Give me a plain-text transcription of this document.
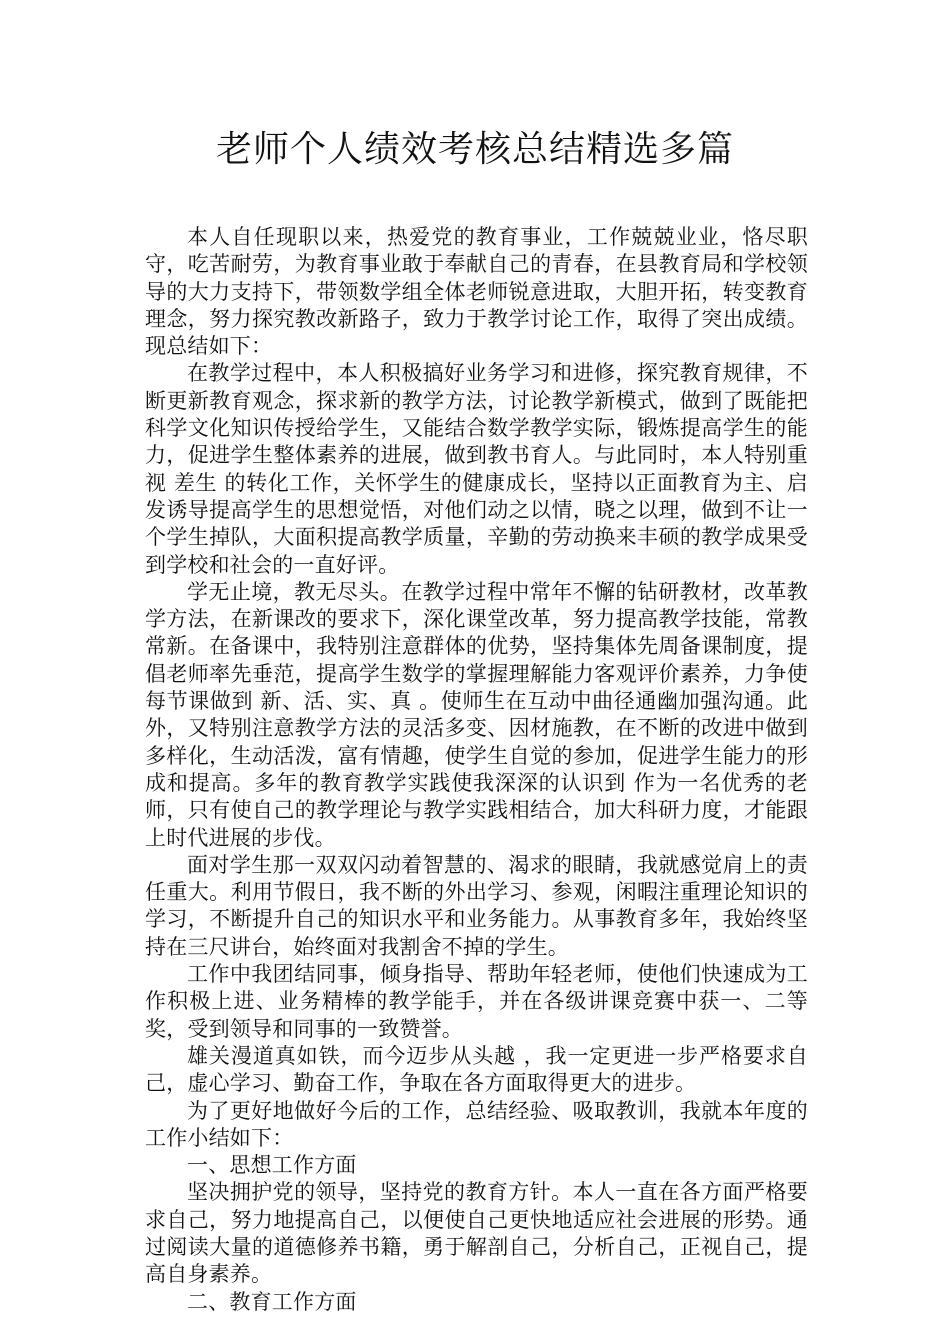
老师个人绩效考核总结精选多篇

本人自任现职以来，热爱党的教育事业，工作兢兢业业，恪尽职守，吃苦耐劳，为教育事业敢于奉献自己的青春，在县教育局和学校领导的大力支持下，带领数学组全体老师锐意进取，大胆开拓，转变教育理念，努力探究教改新路子，致力于教学讨论工作，取得了突出成绩。现总结如下：

在教学过程中，本人积极搞好业务学习和进修，探究教育规律，不断更新教育观念，探求新的教学方法，讨论教学新模式，做到了既能把科学文化知识传授给学生，又能结合数学教学实际，锻炼提高学生的能力，促进学生整体素养的进展，做到教书育人。与此同时，本人特别重视 差生 的转化工作，关怀学生的健康成长，坚持以正面教育为主、启发诱导提高学生的思想觉悟，对他们动之以情，晓之以理，做到不让一个学生掉队，大面积提高教学质量，辛勤的劳动换来丰硕的教学成果受到学校和社会的一直好评。

学无止境，教无尽头。在教学过程中常年不懈的钻研教材，改革教学方法，在新课改的要求下，深化课堂改革，努力提高教学技能，常教常新。在备课中，我特别注意群体的优势，坚持集体先周备课制度，提倡老师率先垂范，提高学生数学的掌握理解能力客观评价素养，力争使每节课做到 新、活、实、真 。使师生在互动中曲径通幽加强沟通。此外，又特别注意教学方法的灵活多变、因材施教，在不断的改进中做到多样化，生动活泼，富有情趣，使学生自觉的参加，促进学生能力的形成和提高。多年的教育教学实践使我深深的认识到 作为一名优秀的老师，只有使自己的教学理论与教学实践相结合，加大科研力度，才能跟上时代进展的步伐。

面对学生那一双双闪动着智慧的、渴求的眼睛，我就感觉肩上的责任重大。利用节假日，我不断的外出学习、参观，闲暇注重理论知识的学习，不断提升自己的知识水平和业务能力。从事教育多年，我始终坚持在三尺讲台，始终面对我割舍不掉的学生。

工作中我团结同事，倾身指导、帮助年轻老师，使他们快速成为工作积极上进、业务精棒的教学能手，并在各级讲课竞赛中获一、二等奖，受到领导和同事的一致赞誉。

雄关漫道真如铁，而今迈步从头越 ，我一定更进一步严格要求自己，虚心学习、勤奋工作，争取在各方面取得更大的进步。

为了更好地做好今后的工作，总结经验、吸取教训，我就本年度的工作小结如下：

一、思想工作方面

坚决拥护党的领导，坚持党的教育方针。本人一直在各方面严格要求自己，努力地提高自己，以便使自己更快地适应社会进展的形势。通过阅读大量的道德修养书籍，勇于解剖自己，分析自己，正视自己，提高自身素养。

二、教育工作方面
